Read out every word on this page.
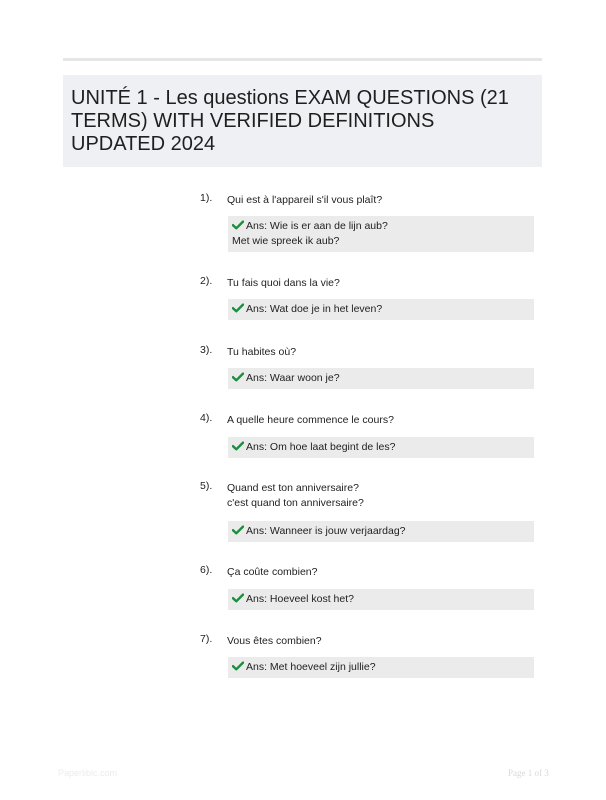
UNITÉ 1 - Les questions EXAM QUESTIONS (21 TERMS) WITH VERIFIED DEFINITIONS UPDATED 2024
1). Qui est à l'appareil s'il vous plaît?
Ans: Wie is er aan de lijn aub?
Met wie spreek ik aub?
2). Tu fais quoi dans la vie?
Ans: Wat doe je in het leven?
3). Tu habites où?
Ans: Waar woon je?
4). A quelle heure commence le cours?
Ans: Om hoe laat begint de les?
5). Quand est ton anniversaire?
c'est quand ton anniversaire?
Ans: Wanneer is jouw verjaardag?
6). Ça coûte combien?
Ans: Hoeveel kost het?
7). Vous êtes combien?
Ans: Met hoeveel zijn jullie?
Paperlibic.com	Page 1 of 3
